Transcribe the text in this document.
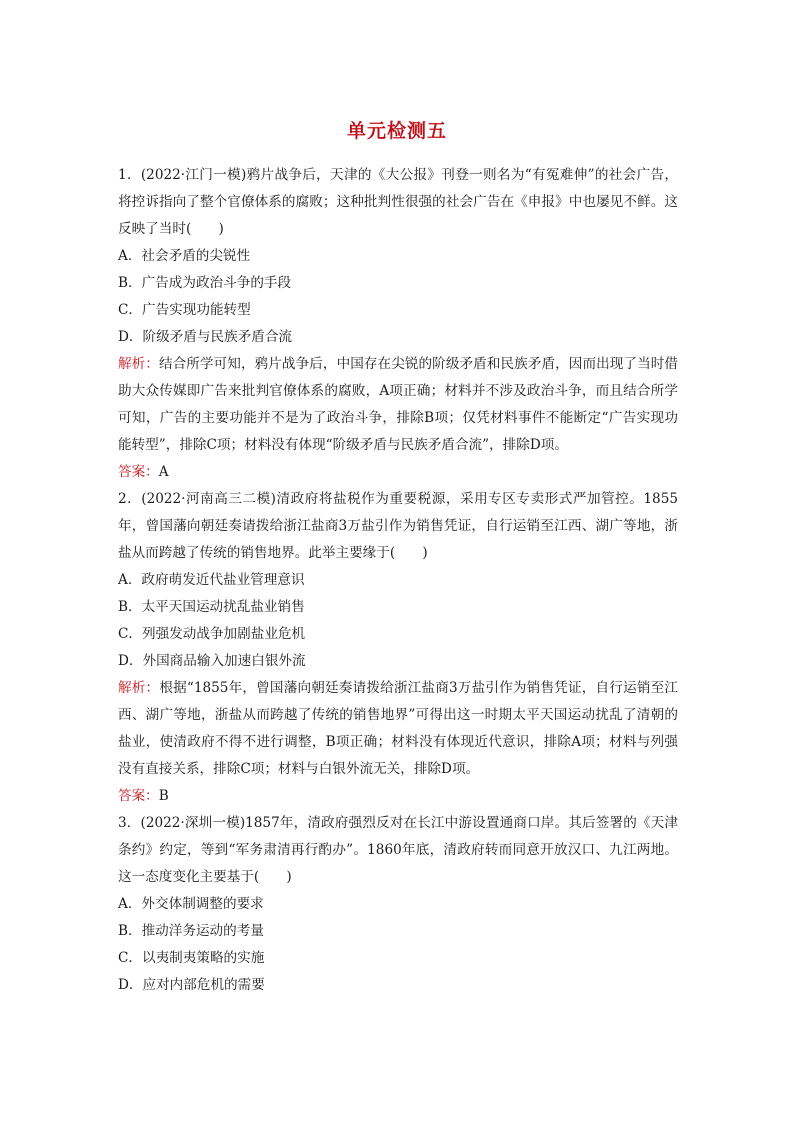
单元检测五

1．(2022·江门一模)鸦片战争后，天津的《大公报》刊登一则名为“有冤难伸”的社会广告，将控诉指向了整个官僚体系的腐败；这种批判性很强的社会广告在《申报》中也屡见不鲜。这反映了当时(　　)

A．社会矛盾的尖锐性

B．广告成为政治斗争的手段

C．广告实现功能转型

D．阶级矛盾与民族矛盾合流

解析：结合所学可知，鸦片战争后，中国存在尖锐的阶级矛盾和民族矛盾，因而出现了当时借助大众传媒即广告来批判官僚体系的腐败，A项正确；材料并不涉及政治斗争，而且结合所学可知，广告的主要功能并不是为了政治斗争，排除B项；仅凭材料事件不能断定“广告实现功能转型”，排除C项；材料没有体现“阶级矛盾与民族矛盾合流”，排除D项。

答案：A

2．(2022·河南高三二模)清政府将盐税作为重要税源，采用专区专卖形式严加管控。1855年，曾国藩向朝廷奏请拨给浙江盐商3万盐引作为销售凭证，自行运销至江西、湖广等地，浙盐从而跨越了传统的销售地界。此举主要缘于(　　)

A．政府萌发近代盐业管理意识

B．太平天国运动扰乱盐业销售

C．列强发动战争加剧盐业危机

D．外国商品输入加速白银外流

解析：根据“1855年，曾国藩向朝廷奏请拨给浙江盐商3万盐引作为销售凭证，自行运销至江西、湖广等地，浙盐从而跨越了传统的销售地界”可得出这一时期太平天国运动扰乱了清朝的盐业，使清政府不得不进行调整，B项正确；材料没有体现近代意识，排除A项；材料与列强没有直接关系，排除C项；材料与白银外流无关，排除D项。

答案：B

3．(2022·深圳一模)1857年，清政府强烈反对在长江中游设置通商口岸。其后签署的《天津条约》约定，等到“军务肃清再行酌办”。1860年底，清政府转而同意开放汉口、九江两地。这一态度变化主要基于(　　)

A．外交体制调整的要求

B．推动洋务运动的考量

C．以夷制夷策略的实施

D．应对内部危机的需要
